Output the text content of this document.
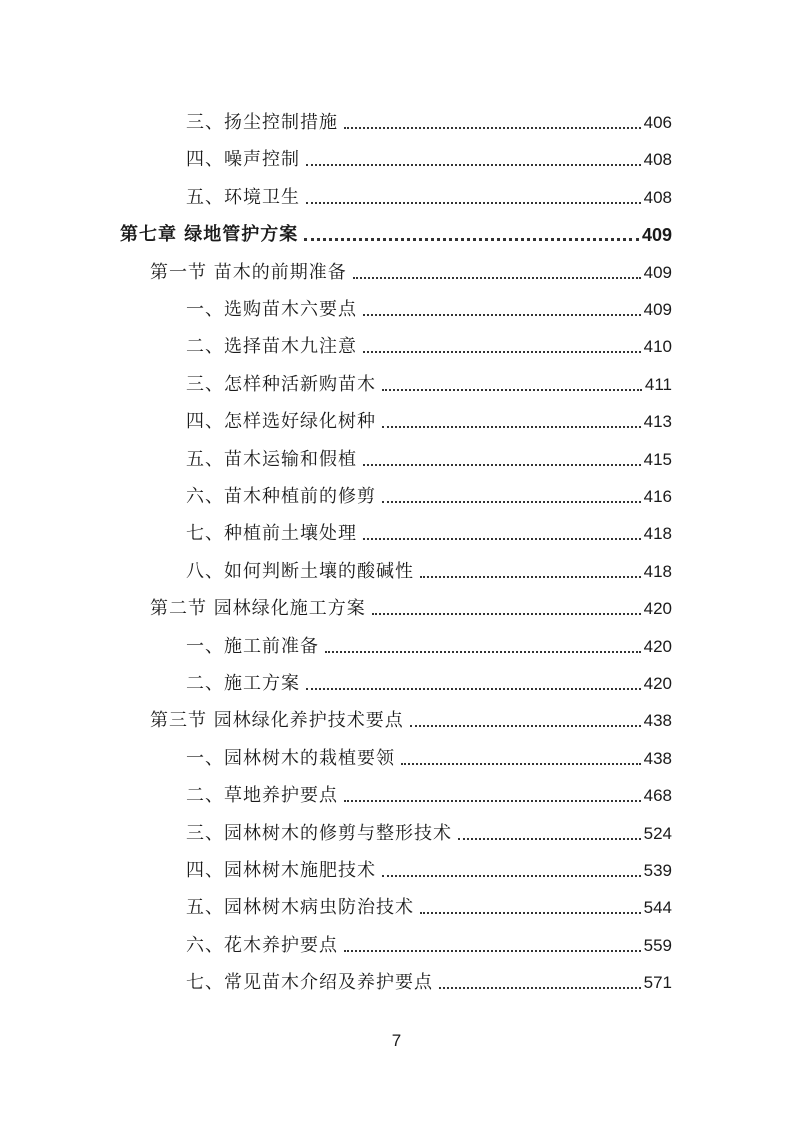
三、扬尘控制措施	406
四、噪声控制	408
五、环境卫生	408
第七章 绿地管护方案	409
第一节 苗木的前期准备	409
一、选购苗木六要点	409
二、选择苗木九注意	410
三、怎样种活新购苗木	411
四、怎样选好绿化树种	413
五、苗木运输和假植	415
六、苗木种植前的修剪	416
七、种植前土壤处理	418
八、如何判断土壤的酸碱性	418
第二节 园林绿化施工方案	420
一、施工前准备	420
二、施工方案	420
第三节 园林绿化养护技术要点	438
一、园林树木的栽植要领	438
二、草地养护要点	468
三、园林树木的修剪与整形技术	524
四、园林树木施肥技术	539
五、园林树木病虫防治技术	544
六、花木养护要点	559
七、常见苗木介绍及养护要点	571
7
